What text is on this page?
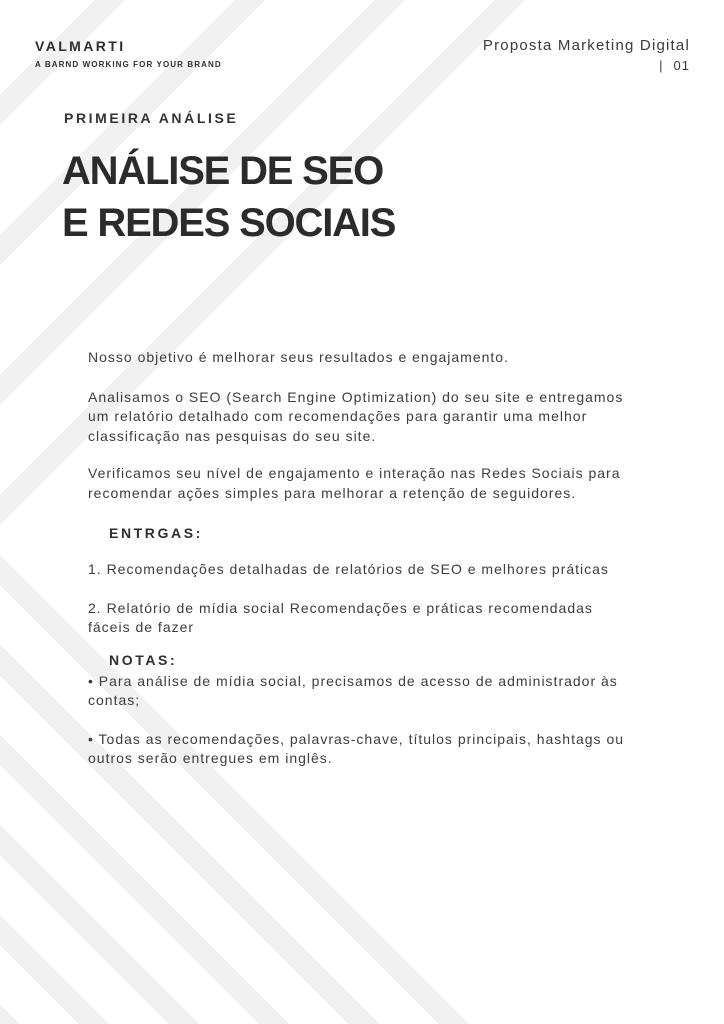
VALMARTI
A BARND WORKING FOR YOUR BRAND
Proposta Marketing Digital
| 01
PRIMEIRA ANÁLISE
ANÁLISE DE SEO
E REDES SOCIAIS

Nosso objetivo é melhorar seus resultados e engajamento.

Analisamos o SEO (Search Engine Optimization) do seu site e entregamos um relatório detalhado com recomendações para garantir uma melhor classificação nas pesquisas do seu site.

Verificamos seu nível de engajamento e interação nas Redes Sociais para recomendar ações simples para melhorar a retenção de seguidores.

ENTRGAS:

1. Recomendações detalhadas de relatórios de SEO e melhores práticas

2. Relatório de mídia social Recomendações e práticas recomendadas fáceis de fazer

NOTAS:

• Para análise de mídia social, precisamos de acesso de administrador às contas;

• Todas as recomendações, palavras-chave, títulos principais, hashtags ou outros serão entregues em inglês.
